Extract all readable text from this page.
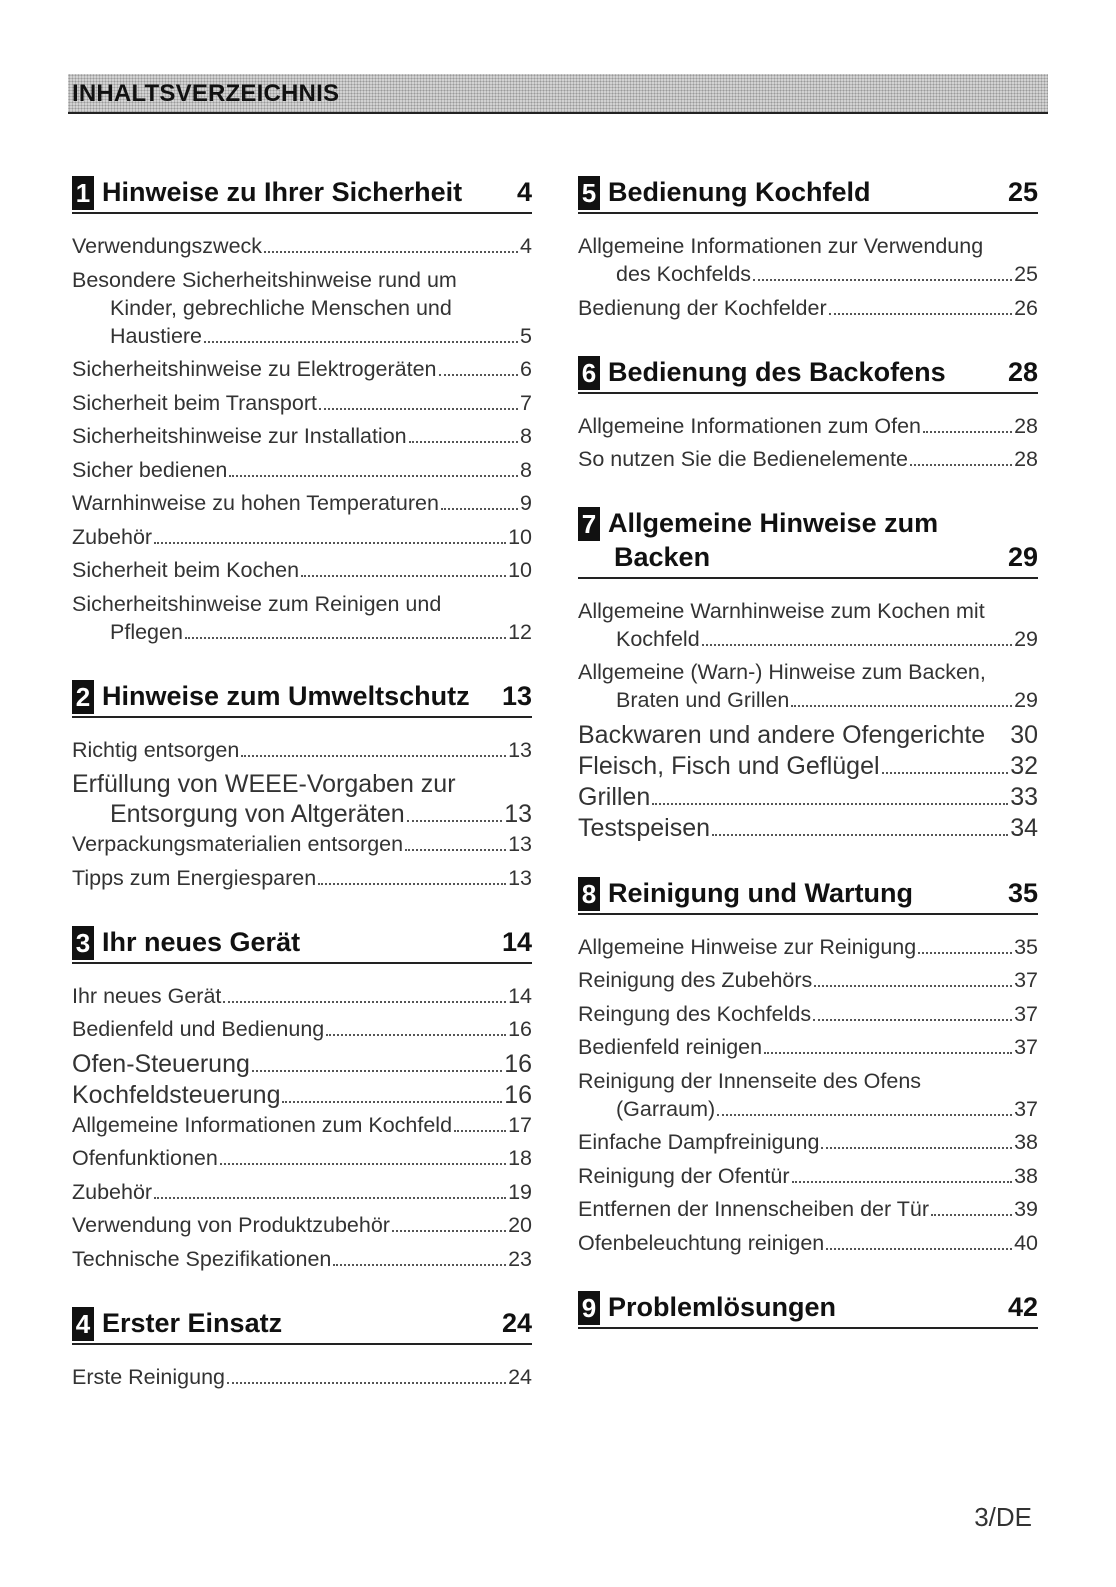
INHALTSVERZEICHNIS
1 Hinweise zu Ihrer Sicherheit	4
Verwendungszweck	4
Besondere Sicherheitshinweise rund um
Kinder, gebrechliche Menschen und
Haustiere	5
Sicherheitshinweise zu Elektrogeräten	6
Sicherheit beim Transport	7
Sicherheitshinweise zur Installation	8
Sicher bedienen	8
Warnhinweise zu hohen Temperaturen	9
Zubehör	10
Sicherheit beim Kochen	10
Sicherheitshinweise zum Reinigen und
Pflegen	12
2 Hinweise zum Umweltschutz	13
Richtig entsorgen	13
Erfüllung von WEEE-Vorgaben zur
Entsorgung von Altgeräten	13
Verpackungsmaterialien entsorgen	13
Tipps zum Energiesparen	13
3 Ihr neues Gerät	14
Ihr neues Gerät	14
Bedienfeld und Bedienung	16
Ofen-Steuerung	16
Kochfeldsteuerung	16
Allgemeine Informationen zum Kochfeld	17
Ofenfunktionen	18
Zubehör	19
Verwendung von Produktzubehör	20
Technische Spezifikationen	23
4 Erster Einsatz	24
Erste Reinigung	24
5 Bedienung Kochfeld	25
Allgemeine Informationen zur Verwendung
des Kochfelds	25
Bedienung der Kochfelder	26
6 Bedienung des Backofens	28
Allgemeine Informationen zum Ofen	28
So nutzen Sie die Bedienelemente	28
7 Allgemeine Hinweise zum
Backen	29
Allgemeine Warnhinweise zum Kochen mit
Kochfeld	29
Allgemeine (Warn-) Hinweise zum Backen,
Braten und Grillen	29
Backwaren und andere Ofengerichte 30
Fleisch, Fisch und Geflügel	32
Grillen	33
Testspeisen	34
8 Reinigung und Wartung	35
Allgemeine Hinweise zur Reinigung	35
Reinigung des Zubehörs	37
Reingung des Kochfelds	37
Bedienfeld reinigen	37
Reinigung der Innenseite des Ofens
(Garraum)	37
Einfache Dampfreinigung	38
Reinigung der Ofentür	38
Entfernen der Innenscheiben der Tür	39
Ofenbeleuchtung reinigen	40
9 Problemlösungen	42
3/DE
